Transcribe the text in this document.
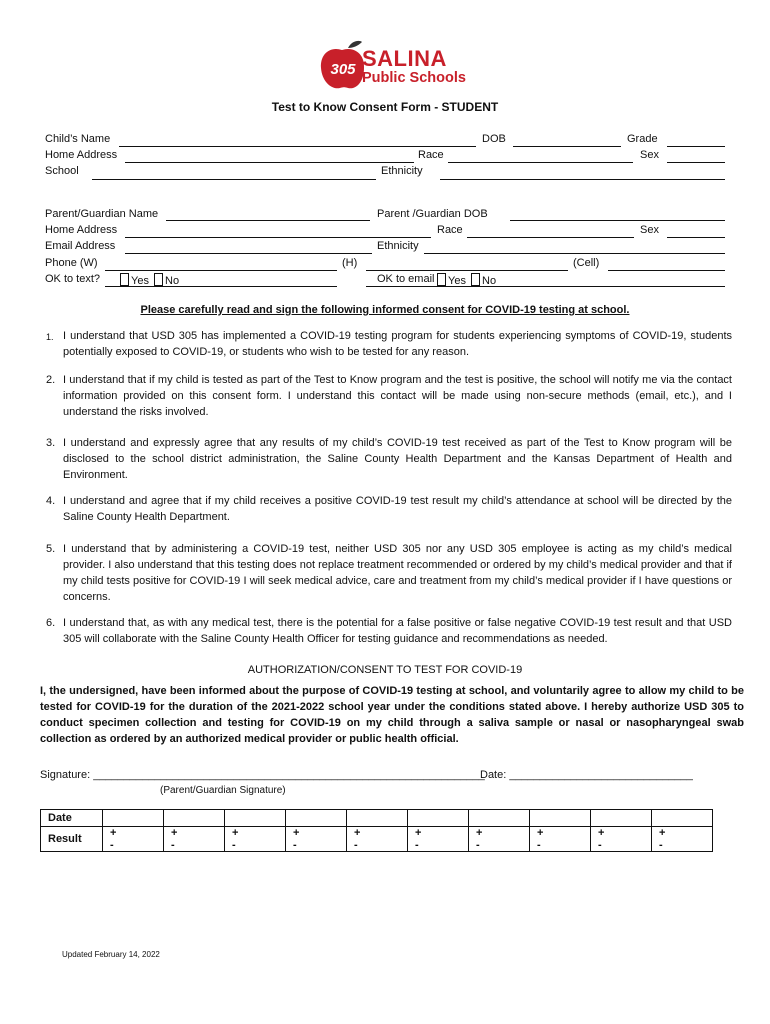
305 SALINA
Public Schools
Test to Know Consent Form - STUDENT
Child’s Name	DOB	Grade
Home Address	Race	Sex
School	Ethnicity
Parent/Guardian Name	Parent /Guardian DOB
Home Address	Race	Sex
Email Address	Ethnicity
Phone (W)	(H)	(Cell)
OK to text?	Yes No	OK to email	Yes No
Please carefully read and sign the following informed consent for COVID-19 testing at school.
1. I understand that USD 305 has implemented a COVID-19 testing program for students experiencing symptoms of COVID-19, students potentially exposed to COVID-19, or students who wish to be tested for any reason.
2. I understand that if my child is tested as part of the Test to Know program and the test is positive, the school will notify me via the contact information provided on this consent form. I understand this contact will be made using non-secure methods (email, etc.), and I understand the risks involved.
3. I understand and expressly agree that any results of my child’s COVID-19 test received as part of the Test to Know program will be disclosed to the school district administration, the Saline County Health Department and the Kansas Department of Health and Environment.
4. I understand and agree that if my child receives a positive COVID-19 test result my child’s attendance at school will be directed by the Saline County Health Department.
5. I understand that by administering a COVID-19 test, neither USD 305 nor any USD 305 employee is acting as my child’s medical provider. I also understand that this testing does not replace treatment recommended or ordered by my child’s medical provider and that if my child tests positive for COVID-19 I will seek medical advice, care and treatment from my child’s medical provider if I have questions or concerns.
6. I understand that, as with any medical test, there is the potential for a false positive or false negative COVID-19 test result and that USD 305 will collaborate with the Saline County Health Officer for testing guidance and recommendations as needed.
AUTHORIZATION/CONSENT TO TEST FOR COVID-19
I, the undersigned, have been informed about the purpose of COVID-19 testing at school, and voluntarily agree to allow my child to be tested for COVID-19 for the duration of the 2021-2022 school year under the conditions stated above. I hereby authorize USD 305 to conduct specimen collection and testing for COVID-19 on my child through a saliva sample or nasal or nasopharyngeal swab collection as ordered by an authorized medical provider or public health official.
Signature: ________________________________________________________________
Date: ______________________________
(Parent/Guardian Signature)
Date										
Result	+-	+-	+-	+-	+-	+-	+-	+-	+-	+-
Updated February 14, 2022
